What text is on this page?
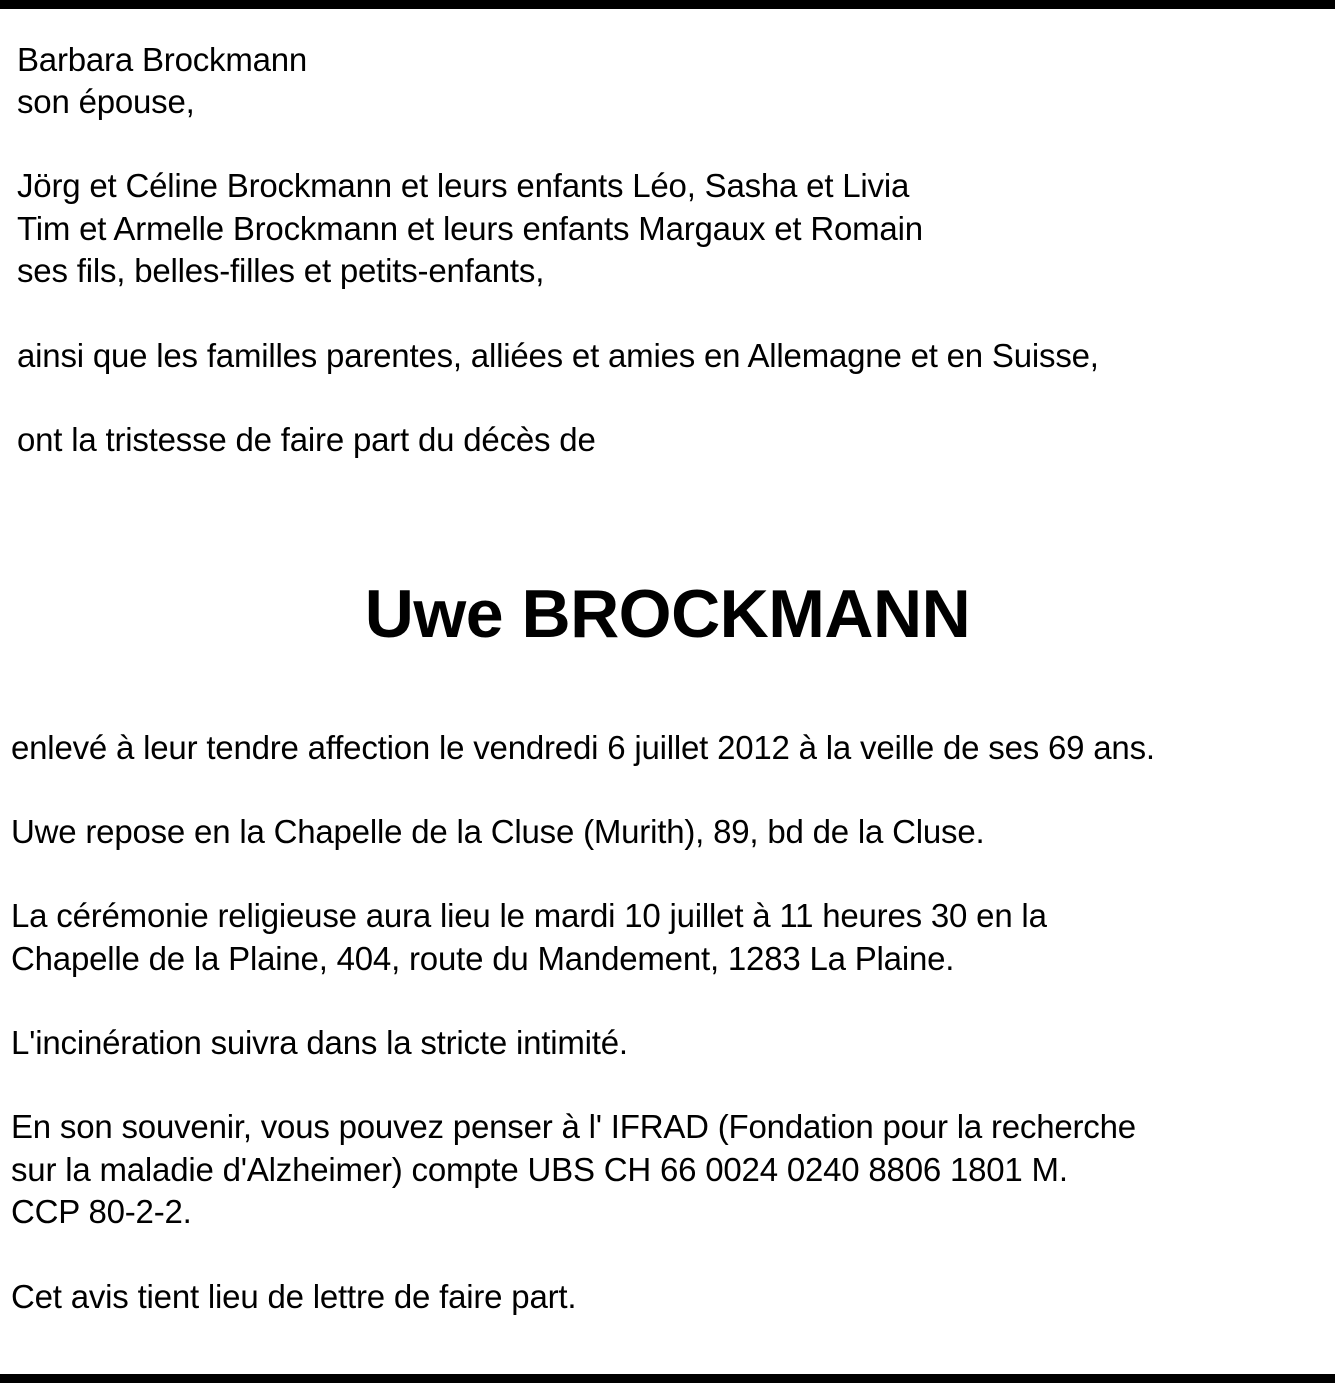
Barbara Brockmann
son épouse,
Jörg et Céline Brockmann et leurs enfants Léo, Sasha et Livia
Tim et Armelle Brockmann et leurs enfants Margaux et Romain
ses fils, belles-filles et petits-enfants,
ainsi que les familles parentes, alliées et amies en Allemagne et en Suisse,
ont la tristesse de faire part du décès de
Uwe BROCKMANN
enlevé à leur tendre affection le vendredi 6 juillet 2012 à la veille de ses 69 ans.
Uwe repose en la Chapelle de la Cluse (Murith), 89, bd de la Cluse.
La cérémonie religieuse aura lieu le mardi 10 juillet à 11 heures 30 en la
Chapelle de la Plaine, 404, route du Mandement, 1283 La Plaine.
L'incinération suivra dans la stricte intimité.
En son souvenir, vous pouvez penser à l' IFRAD (Fondation pour la recherche
sur la maladie d'Alzheimer) compte UBS CH 66 0024 0240 8806 1801 M.
CCP 80-2-2.
Cet avis tient lieu de lettre de faire part.
